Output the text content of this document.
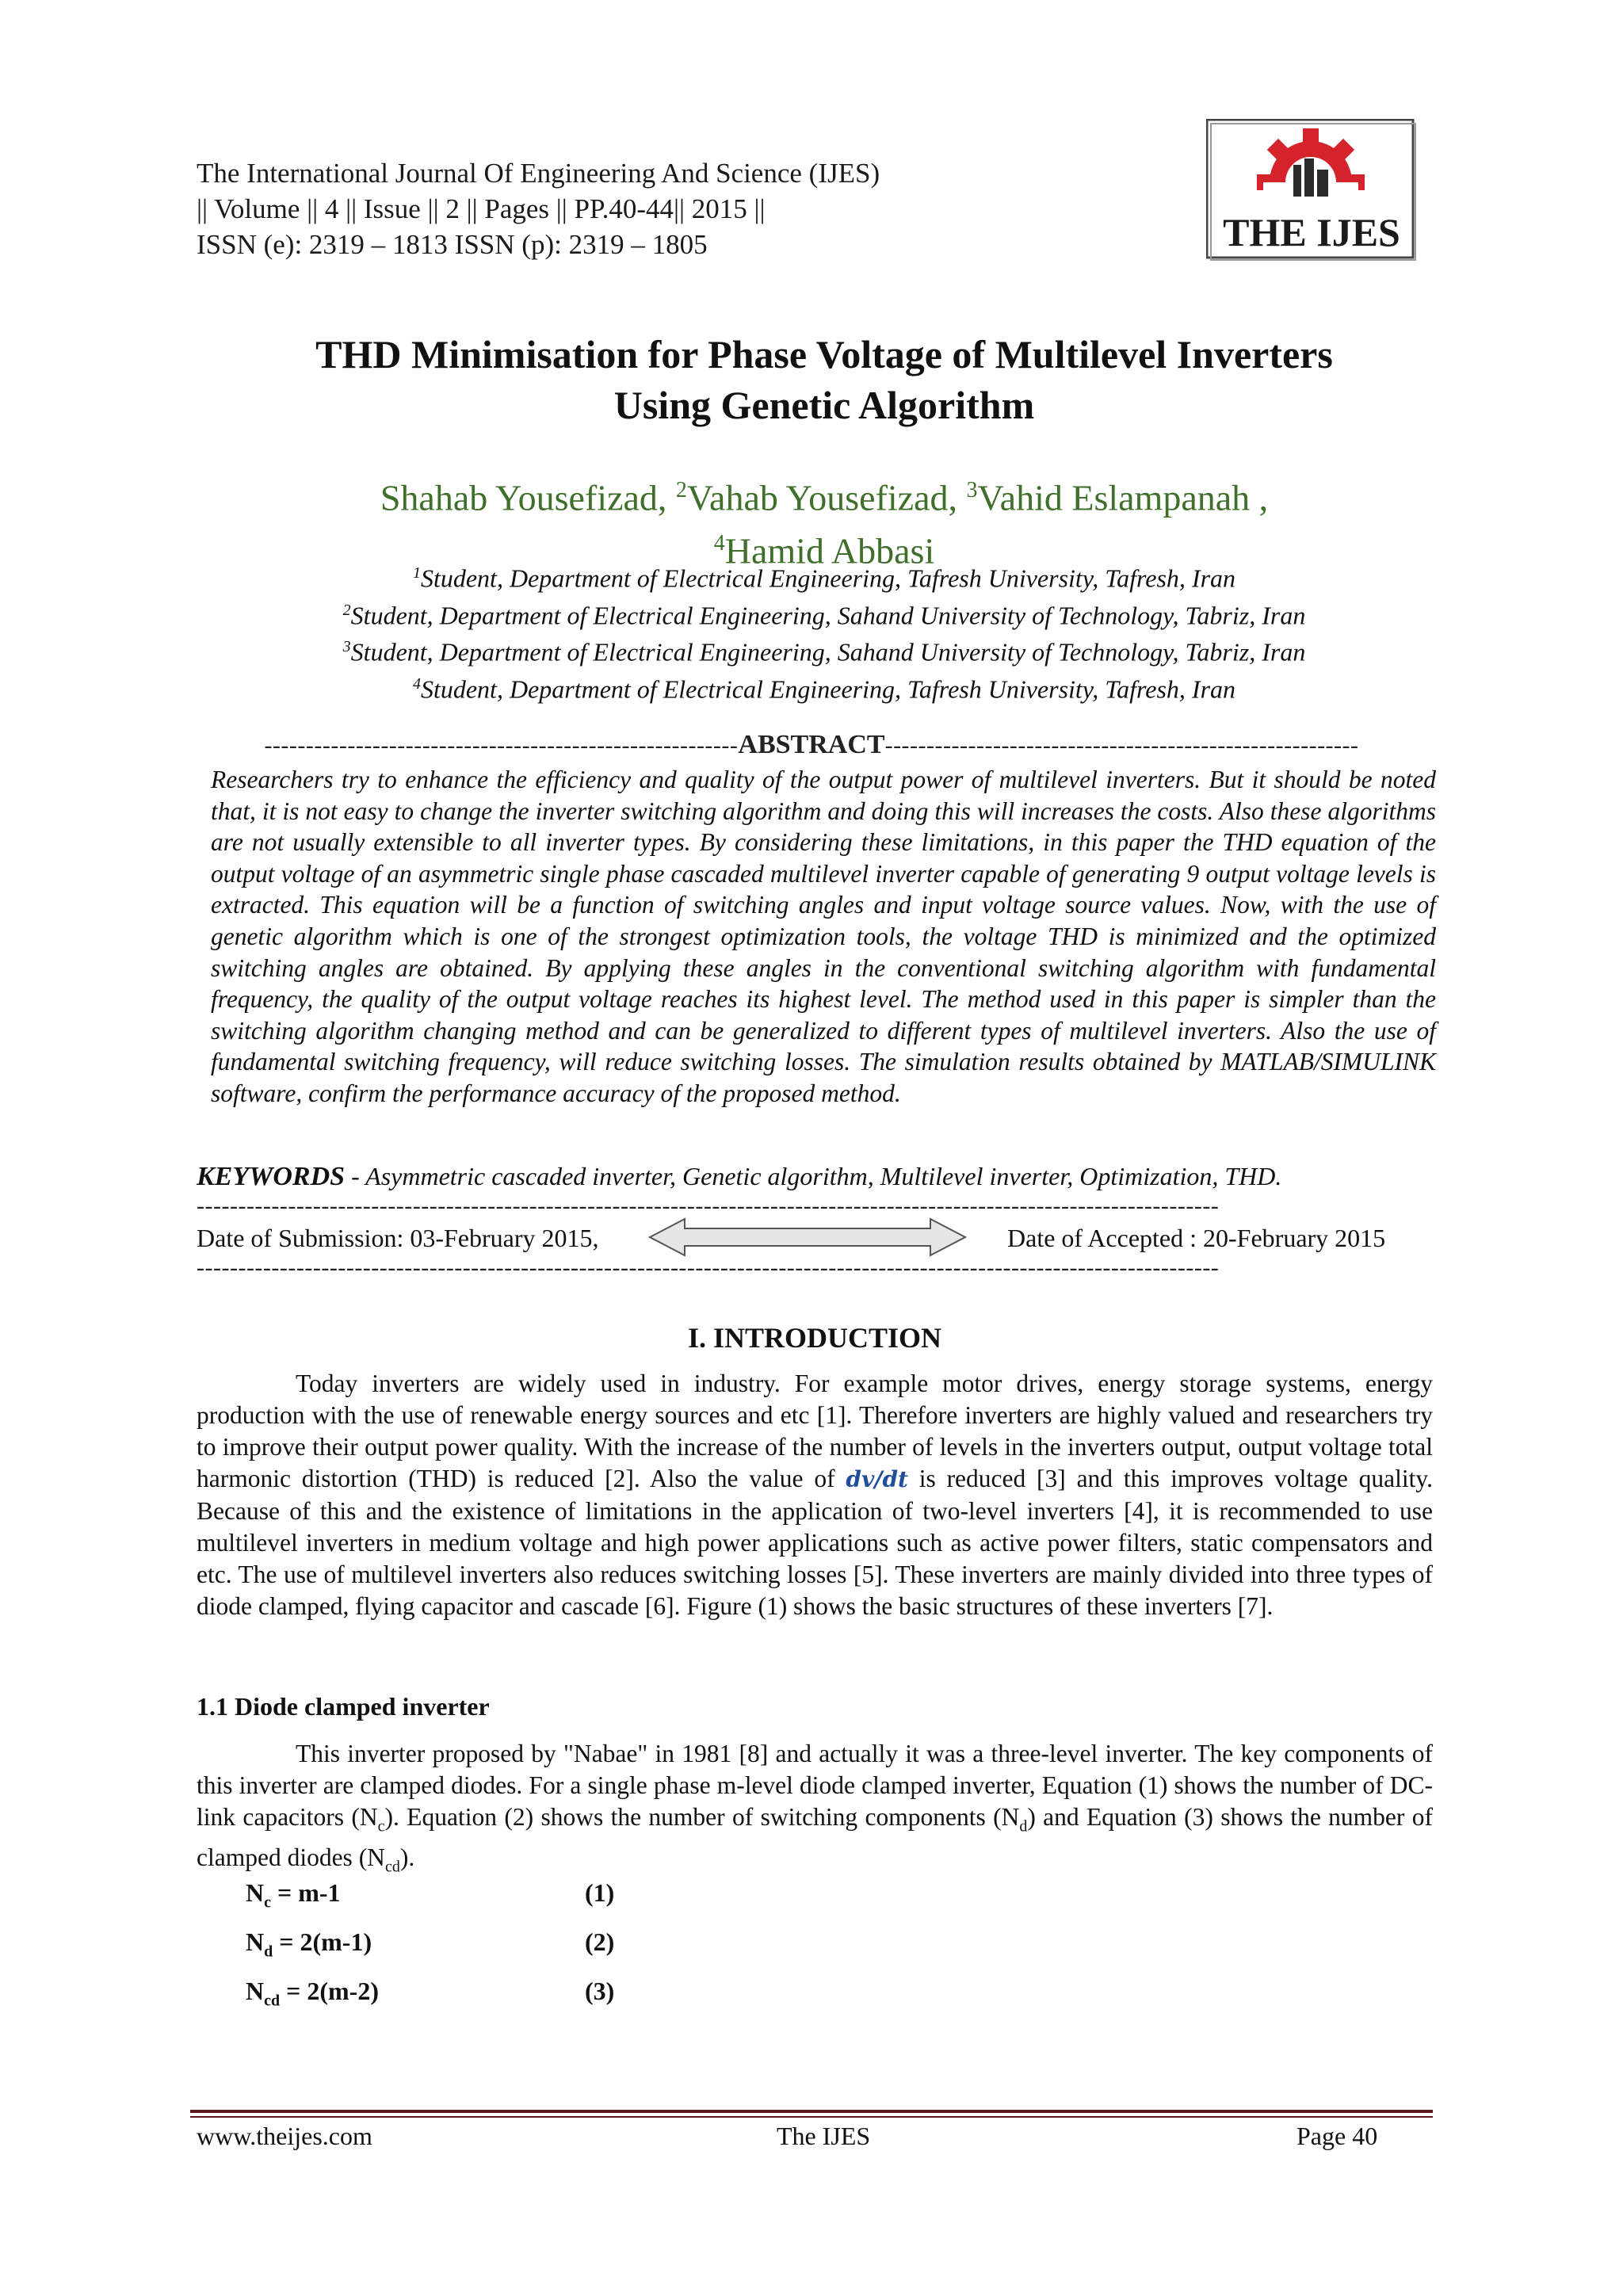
The International Journal Of Engineering And Science (IJES)
|| Volume || 4 || Issue || 2 || Pages || PP.40-44|| 2015 ||
ISSN (e): 2319 – 1813 ISSN (p): 2319 – 1805	THE IJES
THD Minimisation for Phase Voltage of Multilevel Inverters
Using Genetic Algorithm
Shahab Yousefizad, $^2$Vahab Yousefizad, $^3$Vahid Eslampanah ,
$^4$Hamid Abbasi
$^1$Student, Department of Electrical Engineering, Tafresh University, Tafresh, Iran
$^2$Student, Department of Electrical Engineering, Sahand University of Technology, Tabriz, Iran
$^3$Student, Department of Electrical Engineering, Sahand University of Technology, Tabriz, Iran
$^4$Student, Department of Electrical Engineering, Tafresh University, Tafresh, Iran
---------------------------------------------------------ABSTRACT---------------------------------------------------------
Researchers try to enhance the efficiency and quality of the output power of multilevel inverters. But it should be noted that, it is not easy to change the inverter switching algorithm and doing this will increases the costs. Also these algorithms are not usually extensible to all inverter types. By considering these limitations, in this paper the THD equation of the output voltage of an asymmetric single phase cascaded multilevel inverter capable of generating 9 output voltage levels is extracted. This equation will be a function of switching angles and input voltage source values. Now, with the use of genetic algorithm which is one of the strongest optimization tools, the voltage THD is minimized and the optimized switching angles are obtained. By applying these angles in the conventional switching algorithm with fundamental frequency, the quality of the output voltage reaches its highest level. The method used in this paper is simpler than the switching algorithm changing method and can be generalized to different types of multilevel inverters. Also the use of fundamental switching frequency, will reduce switching losses. The simulation results obtained by MATLAB/SIMULINK software, confirm the performance accuracy of the proposed method.
KEYWORDS - Asymmetric cascaded inverter, Genetic algorithm, Multilevel inverter, Optimization, THD.
---------------------------------------------------------------------------------------------------------------------------
Date of Submission: 03-February 2015,	Date of Accepted : 20-February 2015
---------------------------------------------------------------------------------------------------------------------------
I. INTRODUCTION
Today inverters are widely used in industry. For example motor drives, energy storage systems, energy production with the use of renewable energy sources and etc [1]. Therefore inverters are highly valued and researchers try to improve their output power quality. With the increase of the number of levels in the inverters output, output voltage total harmonic distortion (THD) is reduced [2]. Also the value of dv/dt is reduced [3] and this improves voltage quality. Because of this and the existence of limitations in the application of two-level inverters [4], it is recommended to use multilevel inverters in medium voltage and high power applications such as active power filters, static compensators and etc. The use of multilevel inverters also reduces switching losses [5]. These inverters are mainly divided into three types of diode clamped, flying capacitor and cascade [6]. Figure (1) shows the basic structures of these inverters [7].
1.1 Diode clamped inverter
This inverter proposed by "Nabae" in 1981 [8] and actually it was a three-level inverter. The key components of this inverter are clamped diodes. For a single phase m-level diode clamped inverter, Equation (1) shows the number of DC-link capacitors $(N_c)$. Equation (2) shows the number of switching components $(N_d)$ and Equation (3) shows the number of clamped diodes $(N_{cd})$.
$N_c = m-1$	(1)
$N_d = 2(m-1)$	(2)
$N_{cd} = 2(m-2)$	(3)
www.theijes.com	The IJES	Page 40
